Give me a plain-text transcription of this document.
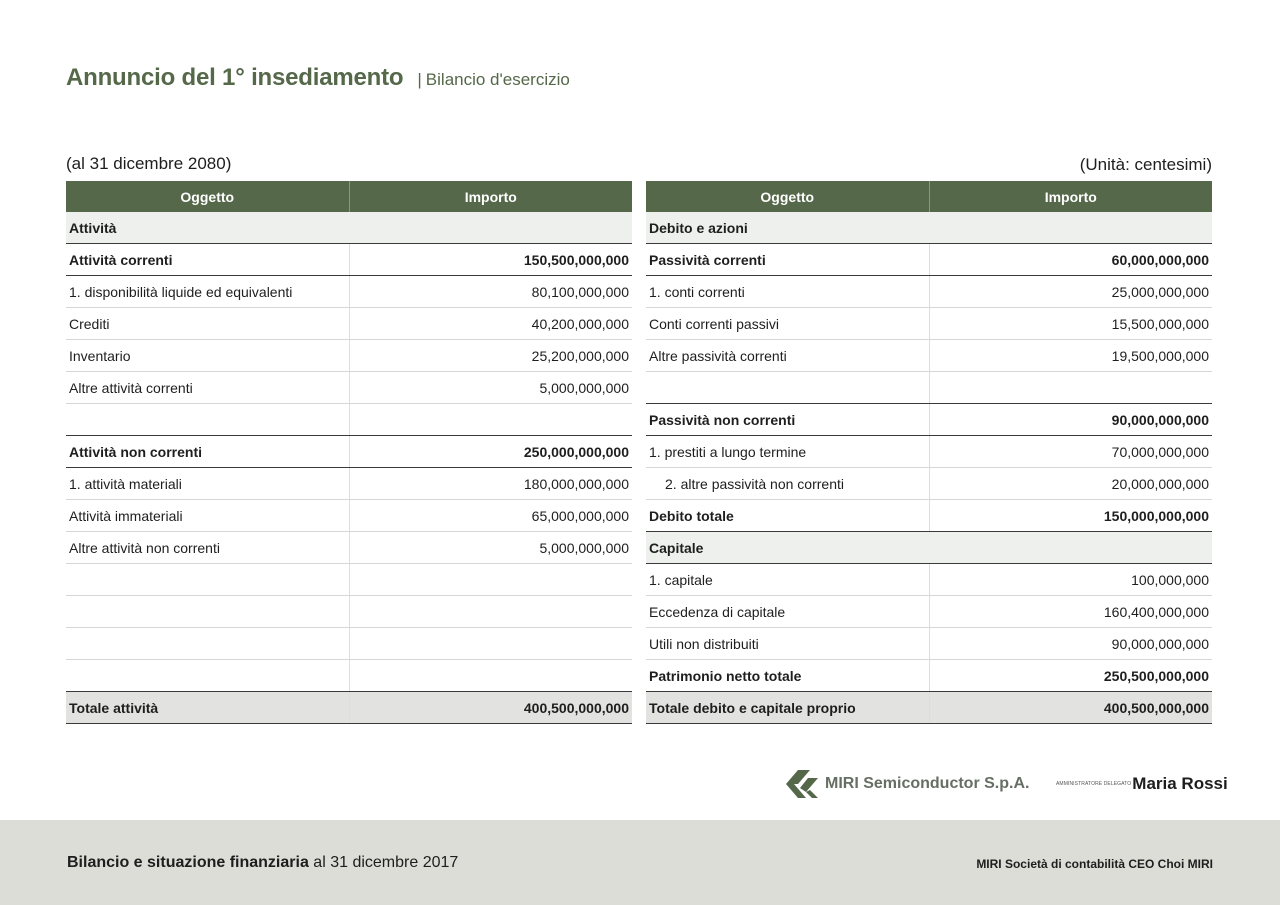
Annuncio del 1° insediamento | Bilancio d'esercizio
(al 31 dicembre 2080)	(Unità: centesimi)
Oggetto	Importo
Attività	
Attività correnti	150,500,000,000
1. disponibilità liquide ed equivalenti	80,100,000,000
Crediti	40,200,000,000
Inventario	25,200,000,000
Altre attività correnti	5,000,000,000

Attività non correnti	250,000,000,000
1. attività materiali	180,000,000,000
Attività immateriali	65,000,000,000
Altre attività non correnti	5,000,000,000

Totale attività	400,500,000,000
Oggetto	Importo
Debito e azioni	
Passività correnti	60,000,000,000
1. conti correnti	25,000,000,000
Conti correnti passivi	15,500,000,000
Altre passività correnti	19,500,000,000

Passività non correnti	90,000,000,000
1. prestiti a lungo termine	70,000,000,000
2. altre passività non correnti	20,000,000,000
Debito totale	150,000,000,000
Capitale	
1. capitale	100,000,000
Eccedenza di capitale	160,400,000,000
Utili non distribuiti	90,000,000,000
Patrimonio netto totale	250,500,000,000
Totale debito e capitale proprio	400,500,000,000
MIRI Semiconductor S.p.A.	AMMINISTRATORE DELEGATO Maria Rossi
Bilancio e situazione finanziaria al 31 dicembre 2017	MIRI Società di contabilità CEO Choi MIRI
